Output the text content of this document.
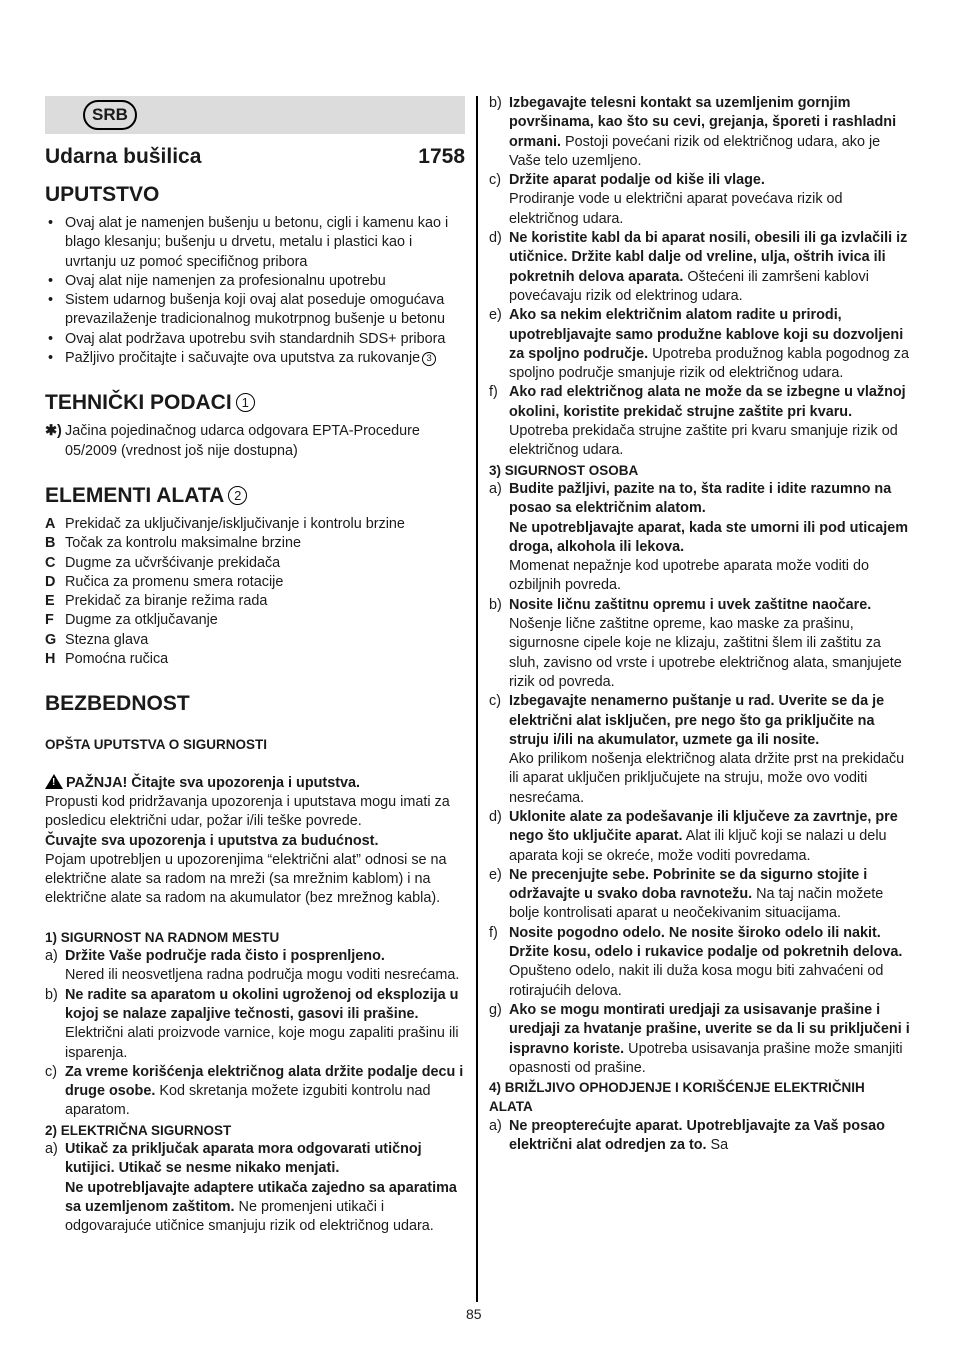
SRB
Udarna bušilica	1758
UPUTSTVO
• Ovaj alat je namenjen bušenju u betonu, cigli i kamenu kao i blago klesanju; bušenju u drvetu, metalu i plastici kao i uvrtanju uz pomoć specifičnog pribora
• Ovaj alat nije namenjen za profesionalnu upotrebu
• Sistem udarnog bušenja koji ovaj alat poseduje omogućava prevazilaženje tradicionalnog mukotrpnog bušenje u betonu
• Ovaj alat podržava upotrebu svih standardnih SDS+ pribora
• Pažljivo pročitajte i sačuvajte ova uputstva za rukovanje 3
TEHNIČKI PODACI 1
✱) Jačina pojedinačnog udarca odgovara EPTA-Procedure 05/2009 (vrednost još nije dostupna)
ELEMENTI ALATA 2
A Prekidač za uključivanje/isključivanje i kontrolu brzine
B Točak za kontrolu maksimalne brzine
C Dugme za učvršćivanje prekidača
D Ručica za promenu smera rotacije
E Prekidač za biranje režima rada
F Dugme za otključavanje
G Stezna glava
H Pomoćna ručica
BEZBEDNOST
OPŠTA UPUTSTVA O SIGURNOSTI

!PAŽNJA! Čitajte sva upozorenja i uputstva.
Propusti kod pridržavanja upozorenja i uputstava mogu imati za posledicu električni udar, požar i/ili teške povrede.
Čuvajte sva upozorenja i uputstva za budućnost.
Pojam upotrebljen u upozorenjima “električni alat” odnosi se na električne alate sa radom na mreži (sa mrežnim kablom) i na električne alate sa radom na akumulator (bez mrežnog kabla).

1) SIGURNOST NA RADNOM MESTU
a) Držite Vaše područje rada čisto i posprenljeno.
Nered ili neosvetljena radna područja mogu voditi nesrećama.
b) Ne radite sa aparatom u okolini ugroženoj od eksplozija u kojoj se nalaze zapaljive tečnosti, gasovi ili prašine. Električni alati proizvode varnice, koje mogu zapaliti prašinu ili isparenja.
c) Za vreme korišćenja električnog alata držite podalje decu i druge osobe. Kod skretanja možete izgubiti kontrolu nad aparatom.
2) ELEKTRIČNA SIGURNOST
a) Utikač za priključak aparata mora odgovarati utičnoj kutijici. Utikač se nesme nikako menjati.
Ne upotrebljavajte adaptere utikača zajedno sa aparatima sa uzemljenom zaštitom. Ne promenjeni utikači i odgovarajuće utičnice smanjuju rizik od električnog udara.
b) Izbegavajte telesni kontakt sa uzemljenim gornjim površinama, kao što su cevi, grejanja, šporeti i rashladni ormani. Postoji povećani rizik od električnog udara, ako je Vaše telo uzemljeno.
c) Držite aparat podalje od kiše ili vlage.
Prodiranje vode u električni aparat povećava rizik od električnog udara.
d) Ne koristite kabl da bi aparat nosili, obesili ili ga izvlačili iz utičnice. Držite kabl dalje od vreline, ulja, oštrih ivica ili pokretnih delova aparata. Oštećeni ili zamršeni kablovi povećavaju rizik od elektrinog udara.
e) Ako sa nekim električnim alatom radite u prirodi, upotrebljavajte samo produžne kablove koji su dozvoljeni za spoljno područje. Upotreba produžnog kabla pogodnog za spoljno područje smanjuje rizik od električnog udara.
f) Ako rad električnog alata ne može da se izbegne u vlažnoj okolini, koristite prekidač strujne zaštite pri kvaru. Upotreba prekidača strujne zaštite pri kvaru smanjuje rizik od električnog udara.
3) SIGURNOST OSOBA
a) Budite pažljivi, pazite na to, šta radite i idite razumno na posao sa električnim alatom.
Ne upotrebljavajte aparat, kada ste umorni ili pod uticajem droga, alkohola ili lekova.
Momenat nepažnje kod upotrebe aparata može voditi do ozbiljnih povreda.
b) Nosite ličnu zaštitnu opremu i uvek zaštitne naočare. Nošenje lične zaštitne opreme, kao maske za prašinu, sigurnosne cipele koje ne klizaju, zaštitni šlem ili zaštitu za sluh, zavisno od vrste i upotrebe električnog alata, smanjujete rizik od povreda.
c) Izbegavajte nenamerno puštanje u rad. Uverite se da je električni alat isključen, pre nego što ga priključite na struju i/ili na akumulator, uzmete ga ili nosite.
Ako prilikom nošenja električnog alata držite prst na prekidaču ili aparat uključen priključujete na struju, može ovo voditi nesrećama.
d) Uklonite alate za podešavanje ili ključeve za zavrtnje, pre nego što uključite aparat. Alat ili ključ koji se nalazi u delu aparata koji se okreće, može voditi povredama.
e) Ne precenjujte sebe. Pobrinite se da sigurno stojite i održavajte u svako doba ravnotežu. Na taj način možete bolje kontrolisati aparat u neočekivanim situacijama.
f) Nosite pogodno odelo. Ne nosite široko odelo ili nakit. Držite kosu, odelo i rukavice podalje od pokretnih delova. Opušteno odelo, nakit ili duža kosa mogu biti zahvaćeni od rotirajućih delova.
g) Ako se mogu montirati uredjaji za usisavanje prašine i uredjaji za hvatanje prašine, uverite se da li su priključeni i ispravno koriste. Upotreba usisavanja prašine može smanjiti opasnosti od prašine.
4) BRIŽLJIVO OPHODJENJE I KORIŠĆENJE ELEKTRIČNIH ALATA
a) Ne preopterećujte aparat. Upotrebljavajte za Vaš posao električni alat odredjen za to. Sa
85
